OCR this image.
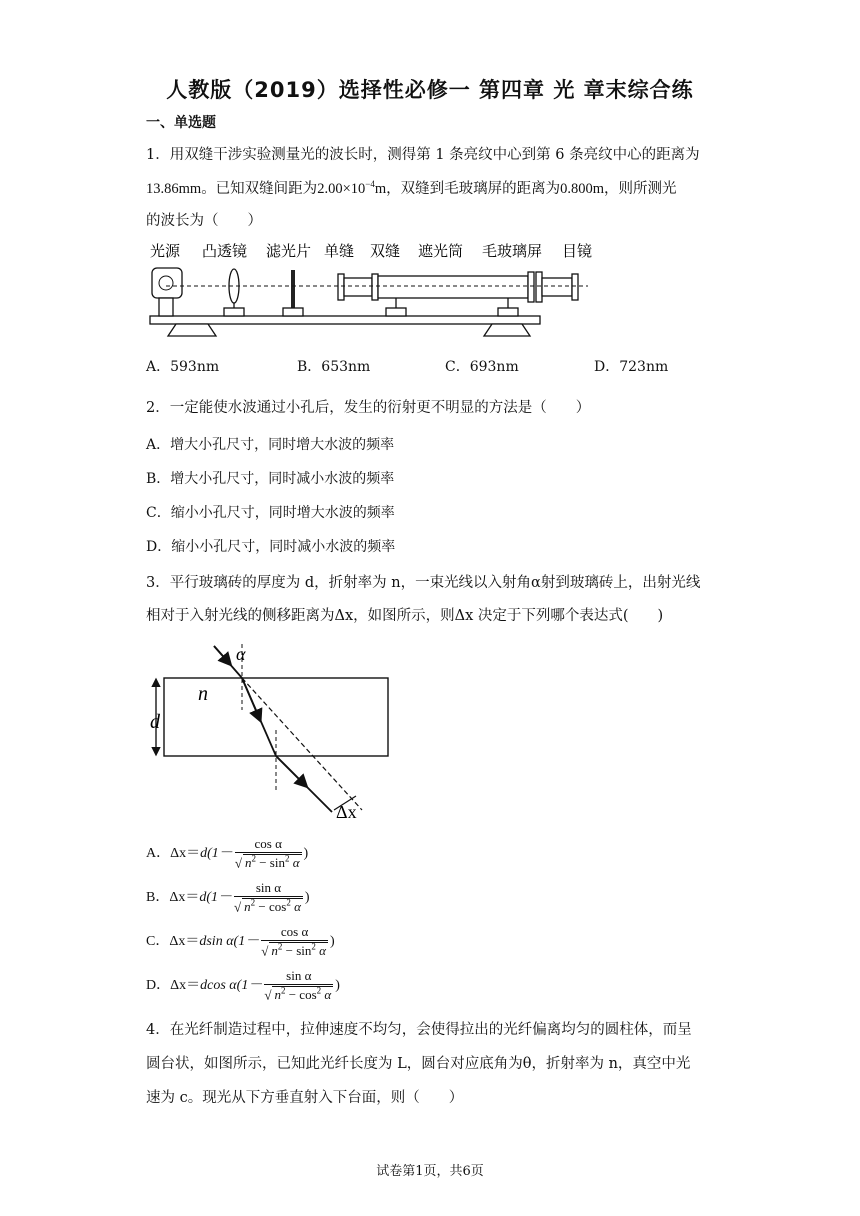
人教版（2019）选择性必修一 第四章 光 章末综合练
一、单选题
1．用双缝干涉实验测量光的波长时，测得第 1 条亮纹中心到第 6 条亮纹中心的距离为
13.86mm。已知双缝间距为$2.00\times 10^{-4}m$，双缝到毛玻璃屏的距离为0.800m，则所测光
的波长为（　　）
光源 凸透镜 滤光片 单缝 双缝 遮光筒 毛玻璃屏 目镜
A．593nm	B．653nm	C．693nm	D．723nm
2．一定能使水波通过小孔后，发生的衍射更不明显的方法是（　　）
A．增大小孔尺寸，同时增大水波的频率
B．增大小孔尺寸，同时减小水波的频率
C．缩小小孔尺寸，同时增大水波的频率
D．缩小小孔尺寸，同时减小水波的频率
3．平行玻璃砖的厚度为 d，折射率为 n，一束光线以入射角α射到玻璃砖上，出射光线
相对于入射光线的侧移距离为Δx，如图所示，则Δx 决定于下列哪个表达式(　　)
d
n
α
Δx
A．$\Delta x=d(1- \frac{\text{cos α}}{√ n^2 - \sin^2 \alpha}$ )
B．$\Delta x=d(1- \frac{\text{sin α}}{√ n^2 - \cos^2 \alpha}$ )
C．Δx＝dsin $\alpha(1- \frac{\text{cos α}}{√ n^2 - \sin^2 \alpha}$ )
D．Δx＝dcos $\alpha(1- \frac{\text{sin α}}{√ n^2 - \cos^2 \alpha}$ )
4．在光纤制造过程中，拉伸速度不均匀，会使得拉出的光纤偏离均匀的圆柱体，而呈
圆台状，如图所示，已知此光纤长度为 L，圆台对应底角为θ，折射率为 n，真空中光
速为 c。现光从下方垂直射入下台面，则（　　）
试卷第1页，共6页
